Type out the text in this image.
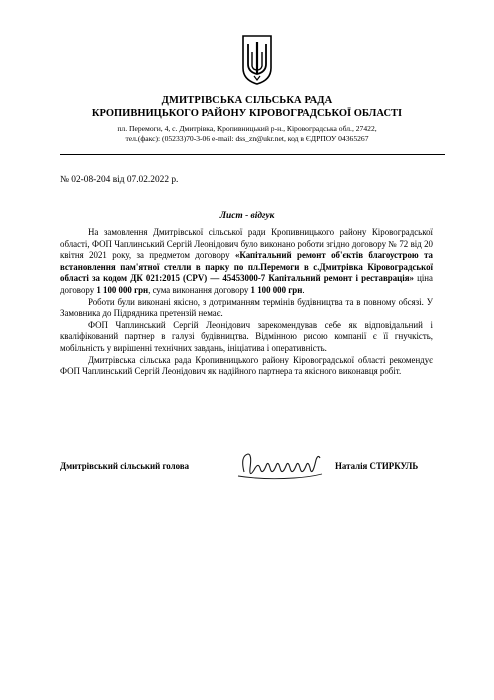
ДМИТРІВСЬКА СІЛЬСЬКА РАДА
КРОПИВНИЦЬКОГО РАЙОНУ КІРОВОГРАДСЬКОЇ ОБЛАСТІ
пл. Перемоги, 4, с. Дмитрівка, Кропивницький р-н., Кіровоградська обл., 27422,
тел.(факс): (05233)70-3-06 e-mail: dss_zn@ukr.net, код в ЄДРПОУ 04365267
№ 02-08-204 від 07.02.2022 р.
Лист - відгук

На замовлення Дмитрівської сільської ради Кропивницького району Кіровоградської області, ФОП Чаплинський Сергій Леонідович було виконано роботи згідно договору № 72 від 20 квітня 2021 року, за предметом договору «Капітальний ремонт об'єктів благоустрою та встановлення пам'ятної стелли в парку по пл.Перемоги в с.Дмитрівка Кіровоградської області за кодом ДК 021:2015 (CPV) — 45453000-7 Капітальний ремонт і реставрація» ціна договору 1 100 000 грн, сума виконання договору 1 100 000 грн.

Роботи були виконані якісно, з дотриманням термінів будівництва та в повному обсязі. У Замовника до Підрядника претензій немає.

ФОП Чаплинський Сергій Леонідович зарекомендував себе як відповідальний і кваліфікований партнер в галузі будівництва. Відмінною рисою компанії є її гнучкість, мобільність у вирішенні технічних завдань, ініціатива і оперативність.

Дмитрівська сільська рада Кропивницького району Кіровоградської області рекомендує ФОП Чаплинський Сергій Леонідович як надійного партнера та якісного виконавця робіт.

Дмитрівський сільський голова	Наталія СТИРКУЛЬ
